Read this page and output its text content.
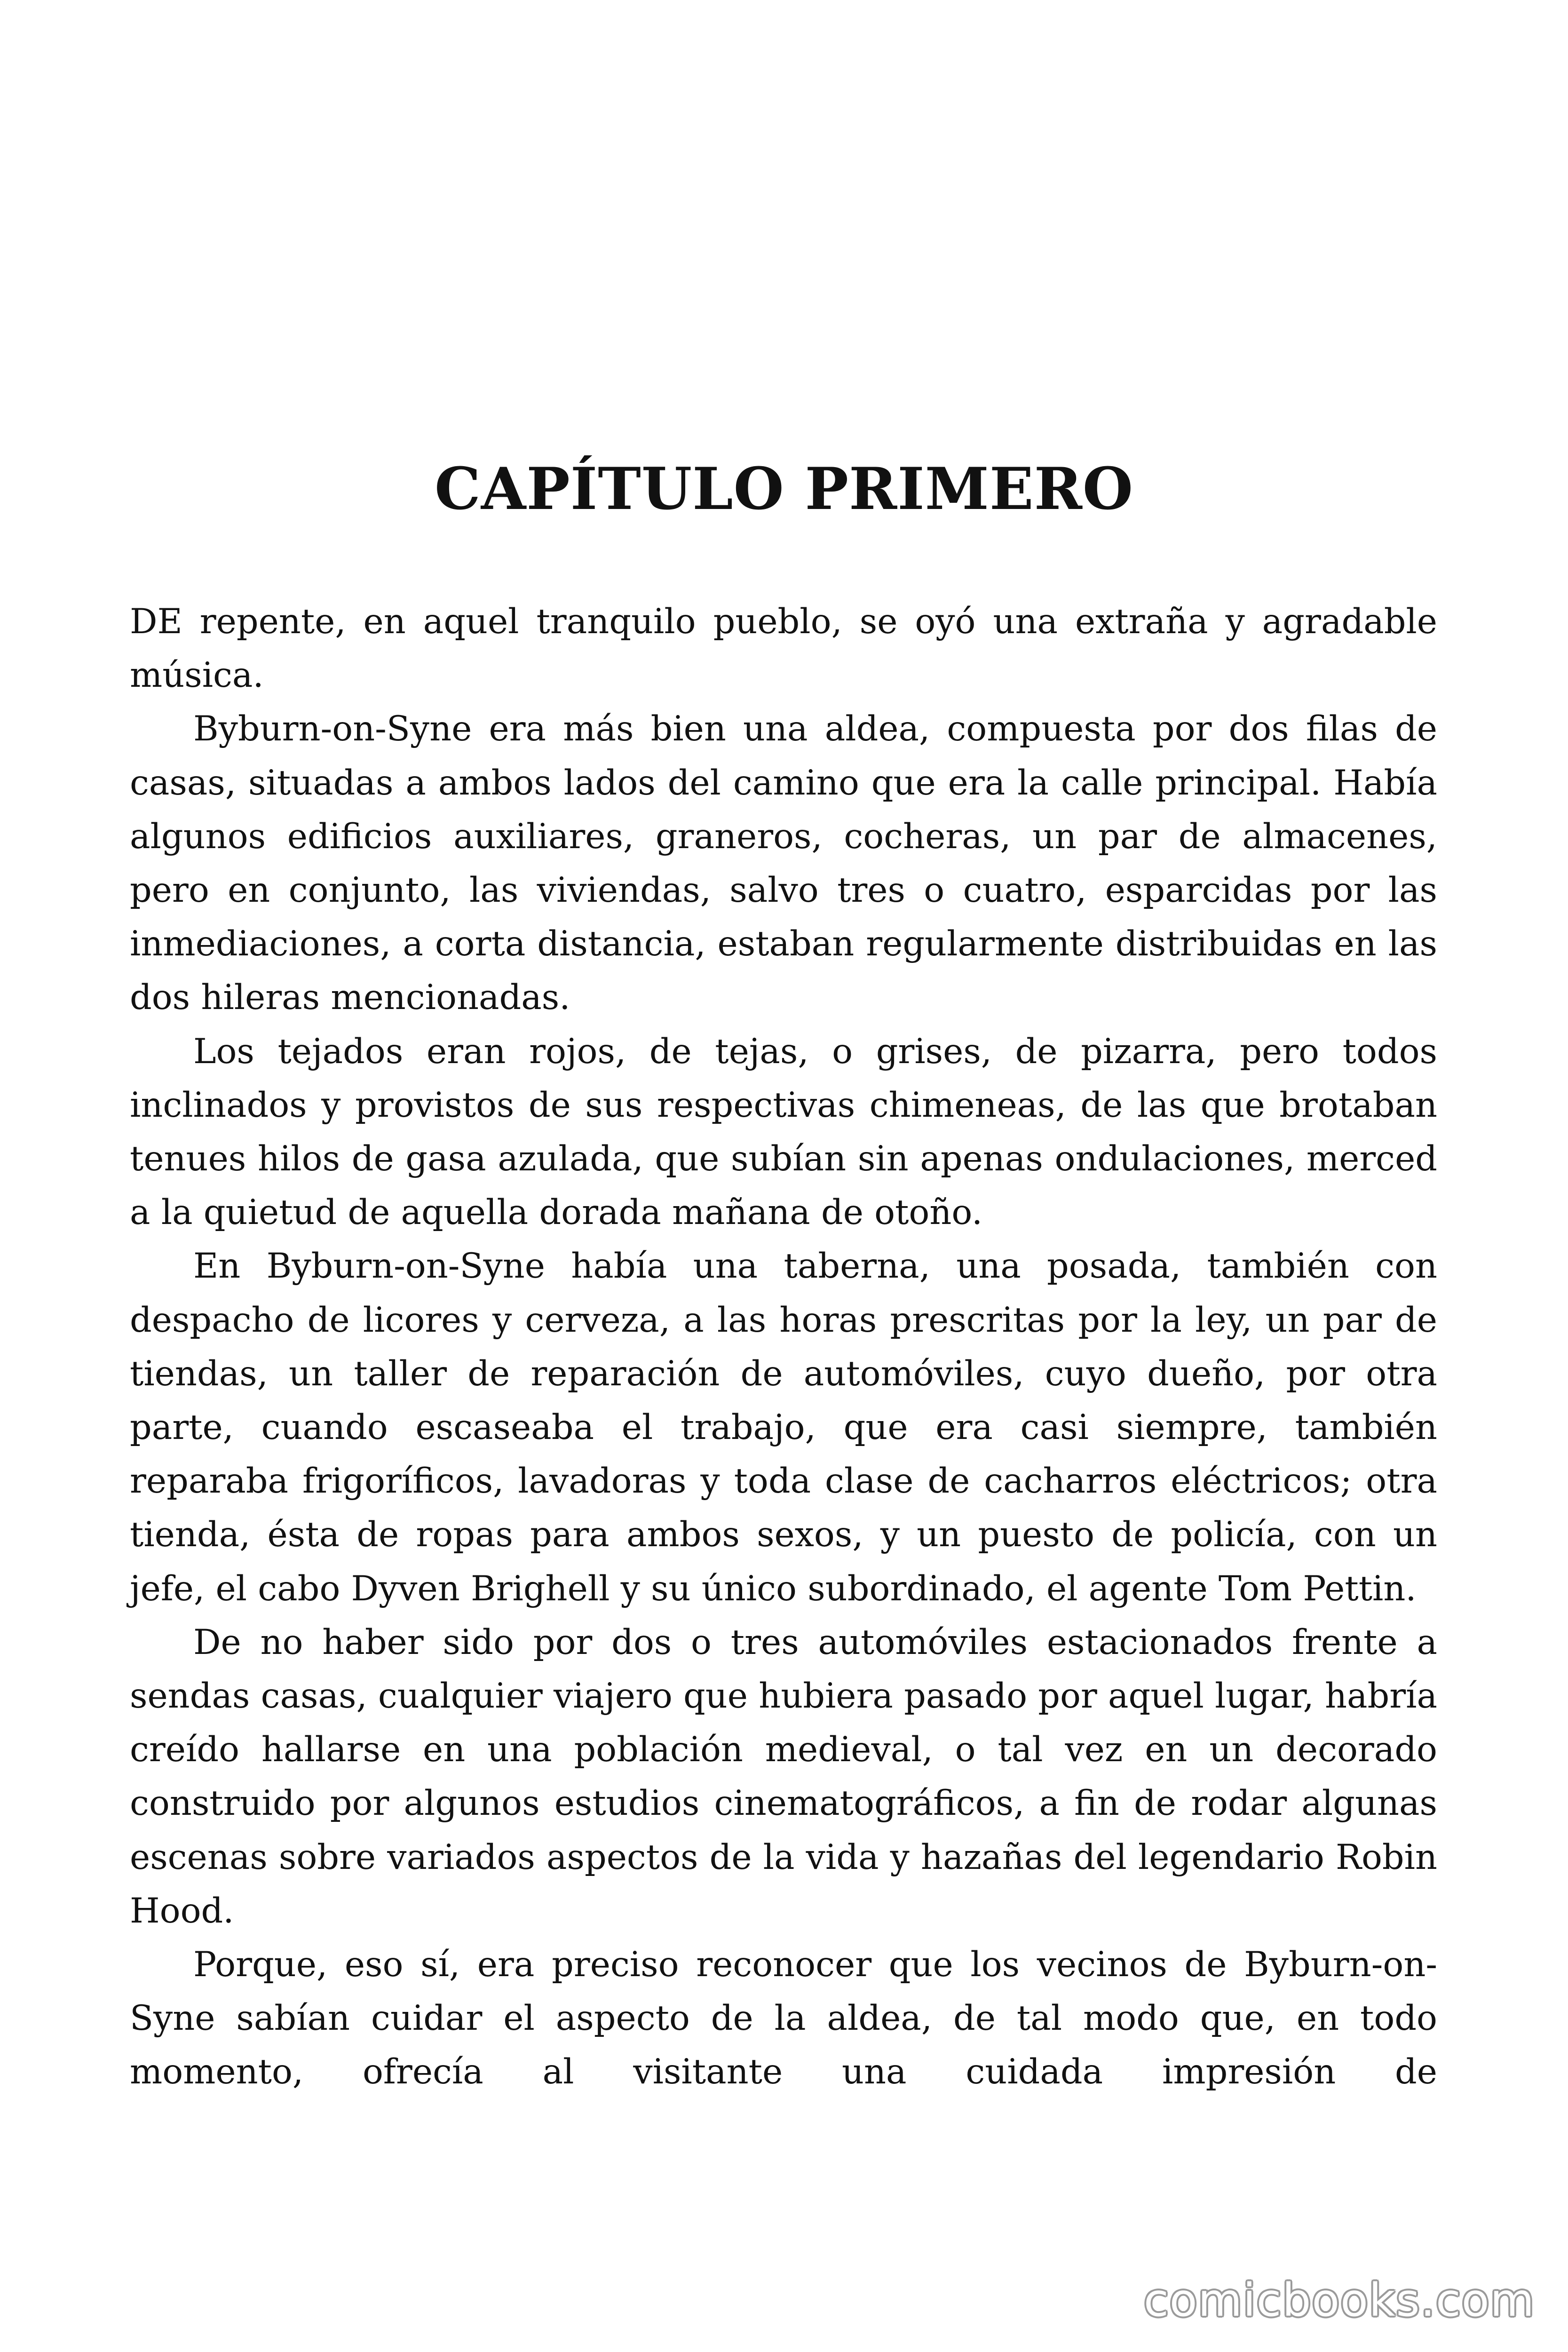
CAPÍTULO PRIMERO

DE repente, en aquel tranquilo pueblo, se oyó una extraña y agradable música.

Byburn-on-Syne era más bien una aldea, compuesta por dos filas de casas, situadas a ambos lados del camino que era la calle principal. Había algunos edificios auxiliares, graneros, cocheras, un par de almacenes, pero en conjunto, las viviendas, salvo tres o cuatro, esparcidas por las inmediaciones, a corta distancia, estaban regularmente distribuidas en las dos hileras mencionadas.

Los tejados eran rojos, de tejas, o grises, de pizarra, pero todos inclinados y provistos de sus respectivas chimeneas, de las que brotaban tenues hilos de gasa azulada, que subían sin apenas ondulaciones, merced a la quietud de aquella dorada mañana de otoño.

En Byburn-on-Syne había una taberna, una posada, también con despacho de licores y cerveza, a las horas prescritas por la ley, un par de tiendas, un taller de reparación de automóviles, cuyo dueño, por otra parte, cuando escaseaba el trabajo, que era casi siempre, también reparaba frigoríficos, lavadoras y toda clase de cacharros eléctricos; otra tienda, ésta de ropas para ambos sexos, y un puesto de policía, con un jefe, el cabo Dyven Brighell y su único subordinado, el agente Tom Pettin.

De no haber sido por dos o tres automóviles estacionados frente a sendas casas, cualquier viajero que hubiera pasado por aquel lugar, habría creído hallarse en una población medieval, o tal vez en un decorado construido por algunos estudios cinematográficos, a fin de rodar algunas escenas sobre variados aspectos de la vida y hazañas del legendario Robin Hood.

Porque, eso sí, era preciso reconocer que los vecinos de Byburn-on-Syne sabían cuidar el aspecto de la aldea, de tal modo que, en todo momento, ofrecía al visitante una cuidada impresión de

comicbooks.com
